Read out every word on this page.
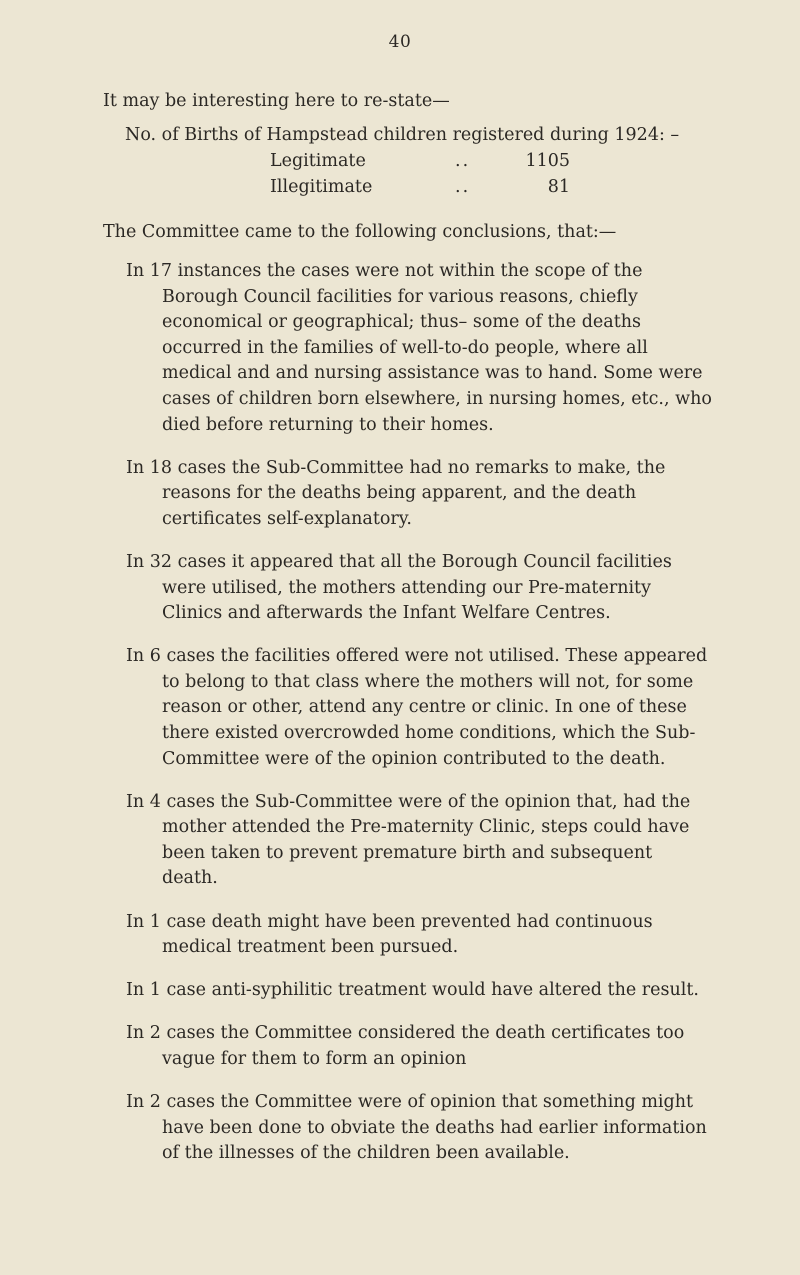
40

It may be interesting here to re-state—

No. of Births of Hampstead children registered during 1924: –
Legitimate	..	1105
Illegitimate	..	81

The Committee came to the following conclusions, that:—

In 17 instances the cases were not within the scope of the Borough Council facilities for various reasons, chiefly economical or geographical; thus– some of the deaths occurred in the families of well-to-do people, where all medical and and nursing assistance was to hand. Some were cases of children born elsewhere, in nursing homes, etc., who died before returning to their homes.
In 18 cases the Sub-Committee had no remarks to make, the reasons for the deaths being apparent, and the death certificates self-explanatory.
In 32 cases it appeared that all the Borough Council facilities were utilised, the mothers attending our Pre-maternity Clinics and afterwards the Infant Welfare Centres.
In 6 cases the facilities offered were not utilised. These appeared to belong to that class where the mothers will not, for some reason or other, attend any centre or clinic. In one of these there existed overcrowded home conditions, which the Sub-Committee were of the opinion contributed to the death.
In 4 cases the Sub-Committee were of the opinion that, had the mother attended the Pre-maternity Clinic, steps could have been taken to prevent premature birth and subsequent death.
In 1 case death might have been prevented had continuous medical treatment been pursued.
In 1 case anti-syphilitic treatment would have altered the result.
In 2 cases the Committee considered the death certificates too vague for them to form an opinion
In 2 cases the Committee were of opinion that something might have been done to obviate the deaths had earlier information of the illnesses of the children been available.
